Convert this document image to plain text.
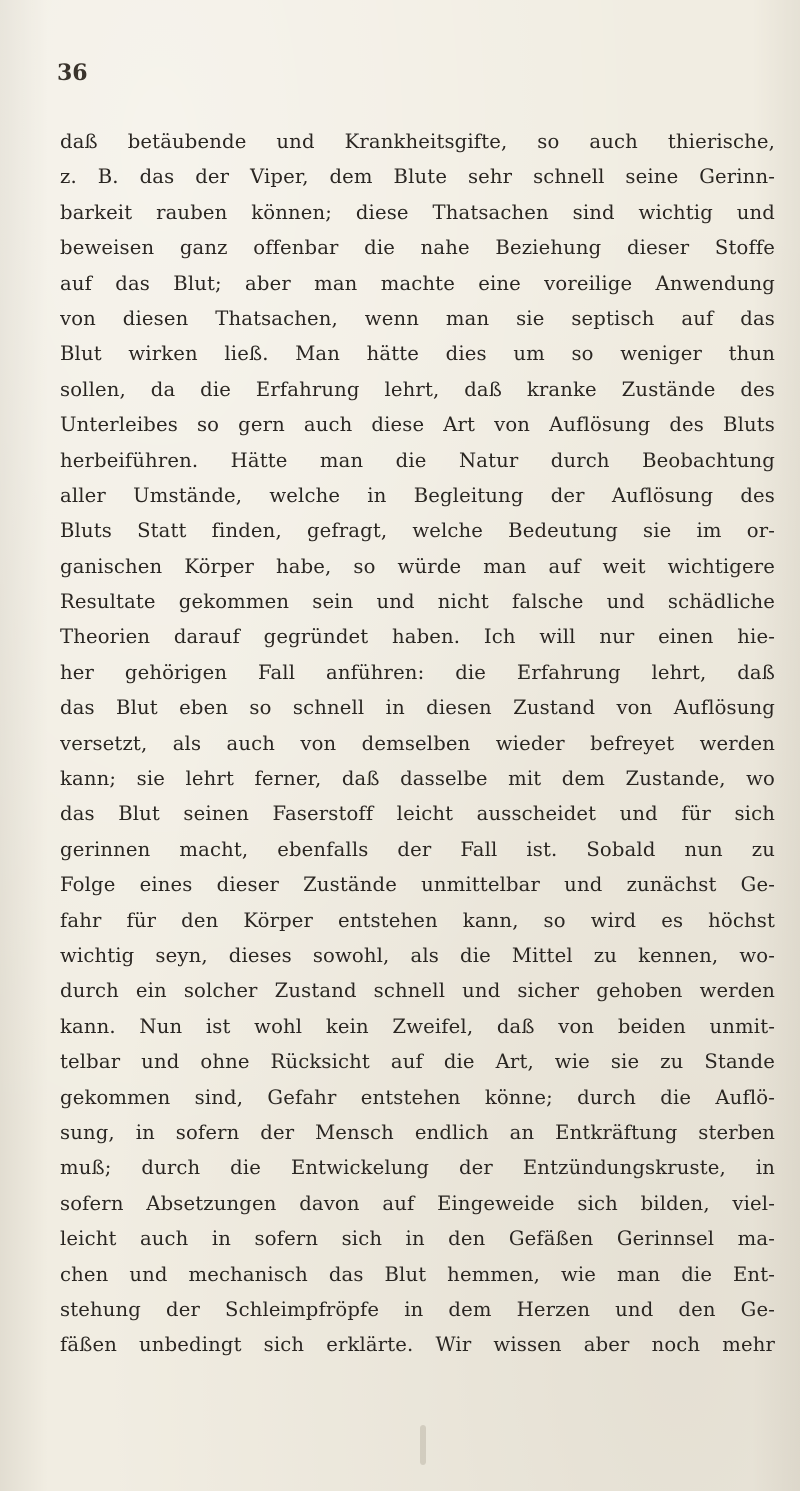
36
daß betäubende und Krankheitsgifte, so auch thierische,
z. B. das der Viper, dem Blute sehr schnell seine Gerinn-
barkeit rauben können; diese Thatsachen sind wichtig und
beweisen ganz offenbar die nahe Beziehung dieser Stoffe
auf das Blut; aber man machte eine voreilige Anwendung
von diesen Thatsachen, wenn man sie septisch auf das
Blut wirken ließ. Man hätte dies um so weniger thun
sollen, da die Erfahrung lehrt, daß kranke Zustände des
Unterleibes so gern auch diese Art von Auflösung des Bluts
herbeiführen. Hätte man die Natur durch Beobachtung
aller Umstände, welche in Begleitung der Auflösung des
Bluts Statt finden, gefragt, welche Bedeutung sie im or-
ganischen Körper habe, so würde man auf weit wichtigere
Resultate gekommen sein und nicht falsche und schädliche
Theorien darauf gegründet haben. Ich will nur einen hie-
her gehörigen Fall anführen: die Erfahrung lehrt, daß
das Blut eben so schnell in diesen Zustand von Auflösung
versetzt, als auch von demselben wieder befreyet werden
kann; sie lehrt ferner, daß dasselbe mit dem Zustande, wo
das Blut seinen Faserstoff leicht ausscheidet und für sich
gerinnen macht, ebenfalls der Fall ist. Sobald nun zu
Folge eines dieser Zustände unmittelbar und zunächst Ge-
fahr für den Körper entstehen kann, so wird es höchst
wichtig seyn, dieses sowohl, als die Mittel zu kennen, wo-
durch ein solcher Zustand schnell und sicher gehoben werden
kann. Nun ist wohl kein Zweifel, daß von beiden unmit-
telbar und ohne Rücksicht auf die Art, wie sie zu Stande
gekommen sind, Gefahr entstehen könne; durch die Auflö-
sung, in sofern der Mensch endlich an Entkräftung sterben
muß; durch die Entwickelung der Entzündungskruste, in
sofern Absetzungen davon auf Eingeweide sich bilden, viel-
leicht auch in sofern sich in den Gefäßen Gerinnsel ma-
chen und mechanisch das Blut hemmen, wie man die Ent-
stehung der Schleimpfröpfe in dem Herzen und den Ge-
fäßen unbedingt sich erklärte. Wir wissen aber noch mehr
